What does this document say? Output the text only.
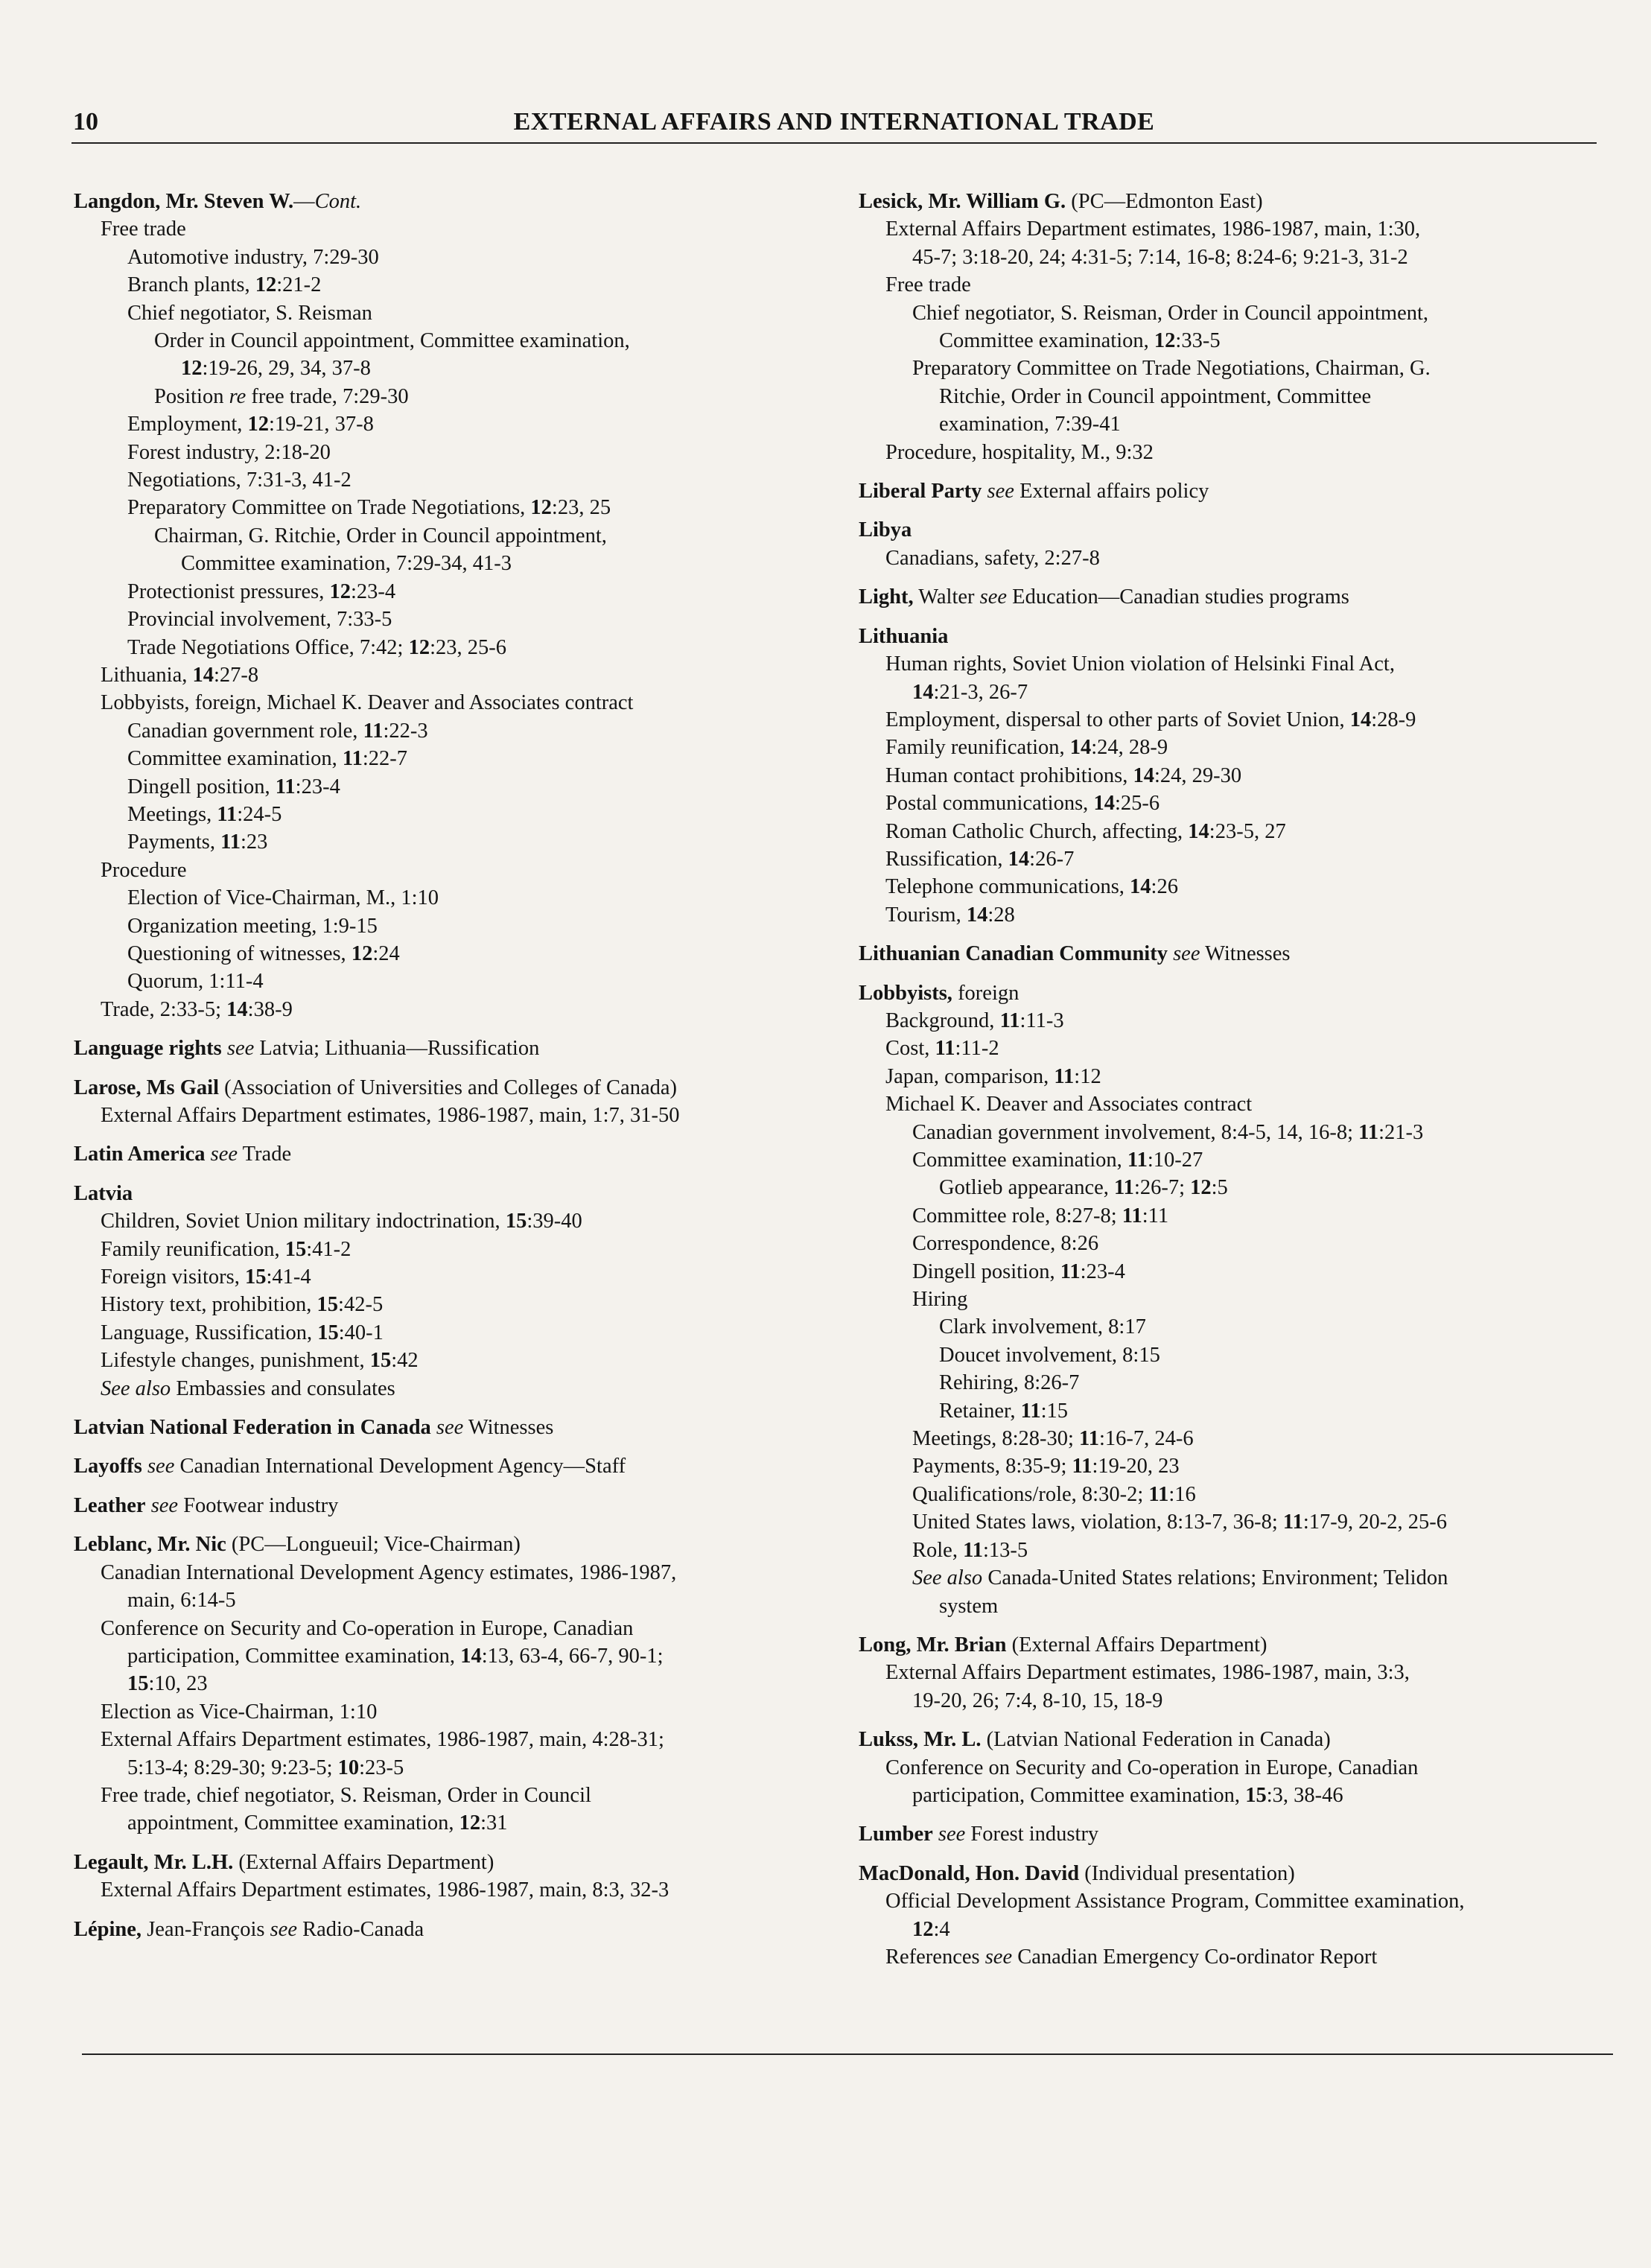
10	EXTERNAL AFFAIRS AND INTERNATIONAL TRADE
Langdon, Mr. Steven W.—Cont.
Free trade
Automotive industry, 7:29-30
Branch plants, 12:21-2
Chief negotiator, S. Reisman
Order in Council appointment, Committee examination,
12:19-26, 29, 34, 37-8
Position re free trade, 7:29-30
Employment, 12:19-21, 37-8
Forest industry, 2:18-20
Negotiations, 7:31-3, 41-2
Preparatory Committee on Trade Negotiations, 12:23, 25
Chairman, G. Ritchie, Order in Council appointment,
Committee examination, 7:29-34, 41-3
Protectionist pressures, 12:23-4
Provincial involvement, 7:33-5
Trade Negotiations Office, 7:42; 12:23, 25-6
Lithuania, 14:27-8
Lobbyists, foreign, Michael K. Deaver and Associates contract
Canadian government role, 11:22-3
Committee examination, 11:22-7
Dingell position, 11:23-4
Meetings, 11:24-5
Payments, 11:23
Procedure
Election of Vice-Chairman, M., 1:10
Organization meeting, 1:9-15
Questioning of witnesses, 12:24
Quorum, 1:11-4
Trade, 2:33-5; 14:38-9
Language rights see Latvia; Lithuania—Russification
Larose, Ms Gail (Association of Universities and Colleges of Canada)
External Affairs Department estimates, 1986-1987, main, 1:7, 31-50
Latin America see Trade
Latvia
Children, Soviet Union military indoctrination, 15:39-40
Family reunification, 15:41-2
Foreign visitors, 15:41-4
History text, prohibition, 15:42-5
Language, Russification, 15:40-1
Lifestyle changes, punishment, 15:42
See also Embassies and consulates
Latvian National Federation in Canada see Witnesses
Layoffs see Canadian International Development Agency—Staff
Leather see Footwear industry
Leblanc, Mr. Nic (PC—Longueuil; Vice-Chairman)
Canadian International Development Agency estimates, 1986-1987,
main, 6:14-5
Conference on Security and Co-operation in Europe, Canadian
participation, Committee examination, 14:13, 63-4, 66-7, 90-1;
15:10, 23
Election as Vice-Chairman, 1:10
External Affairs Department estimates, 1986-1987, main, 4:28-31;
5:13-4; 8:29-30; 9:23-5; 10:23-5
Free trade, chief negotiator, S. Reisman, Order in Council
appointment, Committee examination, 12:31
Legault, Mr. L.H. (External Affairs Department)
External Affairs Department estimates, 1986-1987, main, 8:3, 32-3
Lépine, Jean-François see Radio-Canada
Lesick, Mr. William G. (PC—Edmonton East)
External Affairs Department estimates, 1986-1987, main, 1:30,
45-7; 3:18-20, 24; 4:31-5; 7:14, 16-8; 8:24-6; 9:21-3, 31-2
Free trade
Chief negotiator, S. Reisman, Order in Council appointment,
Committee examination, 12:33-5
Preparatory Committee on Trade Negotiations, Chairman, G.
Ritchie, Order in Council appointment, Committee
examination, 7:39-41
Procedure, hospitality, M., 9:32
Liberal Party see External affairs policy
Libya
Canadians, safety, 2:27-8
Light, Walter see Education—Canadian studies programs
Lithuania
Human rights, Soviet Union violation of Helsinki Final Act,
14:21-3, 26-7
Employment, dispersal to other parts of Soviet Union, 14:28-9
Family reunification, 14:24, 28-9
Human contact prohibitions, 14:24, 29-30
Postal communications, 14:25-6
Roman Catholic Church, affecting, 14:23-5, 27
Russification, 14:26-7
Telephone communications, 14:26
Tourism, 14:28
Lithuanian Canadian Community see Witnesses
Lobbyists, foreign
Background, 11:11-3
Cost, 11:11-2
Japan, comparison, 11:12
Michael K. Deaver and Associates contract
Canadian government involvement, 8:4-5, 14, 16-8; 11:21-3
Committee examination, 11:10-27
Gotlieb appearance, 11:26-7; 12:5
Committee role, 8:27-8; 11:11
Correspondence, 8:26
Dingell position, 11:23-4
Hiring
Clark involvement, 8:17
Doucet involvement, 8:15
Rehiring, 8:26-7
Retainer, 11:15
Meetings, 8:28-30; 11:16-7, 24-6
Payments, 8:35-9; 11:19-20, 23
Qualifications/role, 8:30-2; 11:16
United States laws, violation, 8:13-7, 36-8; 11:17-9, 20-2, 25-6
Role, 11:13-5
See also Canada-United States relations; Environment; Telidon
system
Long, Mr. Brian (External Affairs Department)
External Affairs Department estimates, 1986-1987, main, 3:3,
19-20, 26; 7:4, 8-10, 15, 18-9
Lukss, Mr. L. (Latvian National Federation in Canada)
Conference on Security and Co-operation in Europe, Canadian
participation, Committee examination, 15:3, 38-46
Lumber see Forest industry
MacDonald, Hon. David (Individual presentation)
Official Development Assistance Program, Committee examination,
12:4
References see Canadian Emergency Co-ordinator Report
